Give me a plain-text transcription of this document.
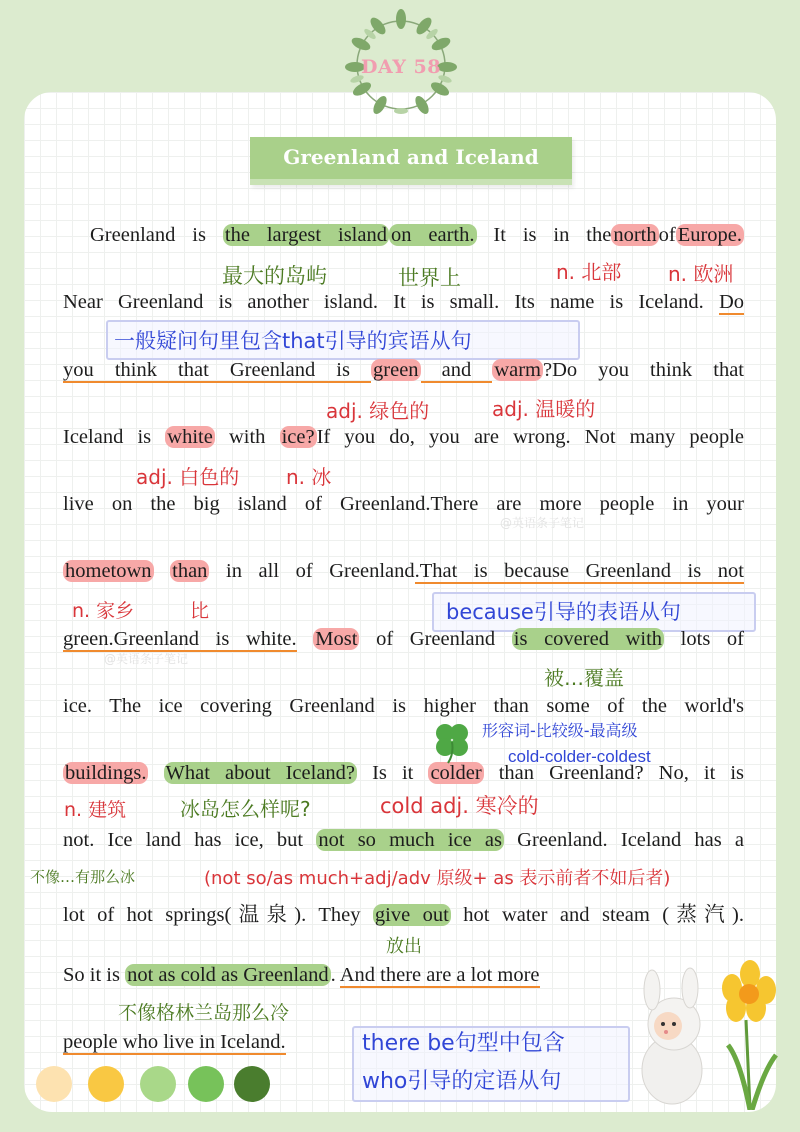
DAY 58
Greenland and Iceland
Greenland is the largest island on earth. It is in thenorthofEurope.
Near Greenland is another island. It is small. Its name is Iceland. Do
you think that Greenland is green and warm?Do you think that
Iceland is white with ice?If you do, you are wrong. Not many people
live on the big island of Greenland.There are more people in your
hometown than in all of Greenland.That is because Greenland is not
green.Greenland is white. Most of Greenland is covered with lots of
ice. The ice covering Greenland is higher than some of the world's
buildings. What about Iceland? Is it colder than Greenland? No, it is
not. Ice land has ice, but not so much ice as Greenland. Iceland has a
lot of hot springs(温泉). They give out hot water and steam (蒸汽).
So it is not as cold as Greenland. And there are a lot more
people who live in Iceland.
最大的岛屿	世界上	n. 北部 n. 欧洲
一般疑问句里包含that引导的宾语从句
adj. 绿色的	adj. 温暖的
adj. 白色的 n. 冰
n. 家乡	比	because引导的表语从句
被…覆盖
形容词-比较级-最高级
cold-colder-coldest
n. 建筑	冰岛怎么样呢?	cold adj. 寒冷的
不像…有那么冰	(not so/as much+adj/adv 原级+ as 表示前者不如后者)
放出
不像格林兰岛那么冷
there be句型中包含
who引导的定语从句
@英语条子笔记
@英语条子笔记
